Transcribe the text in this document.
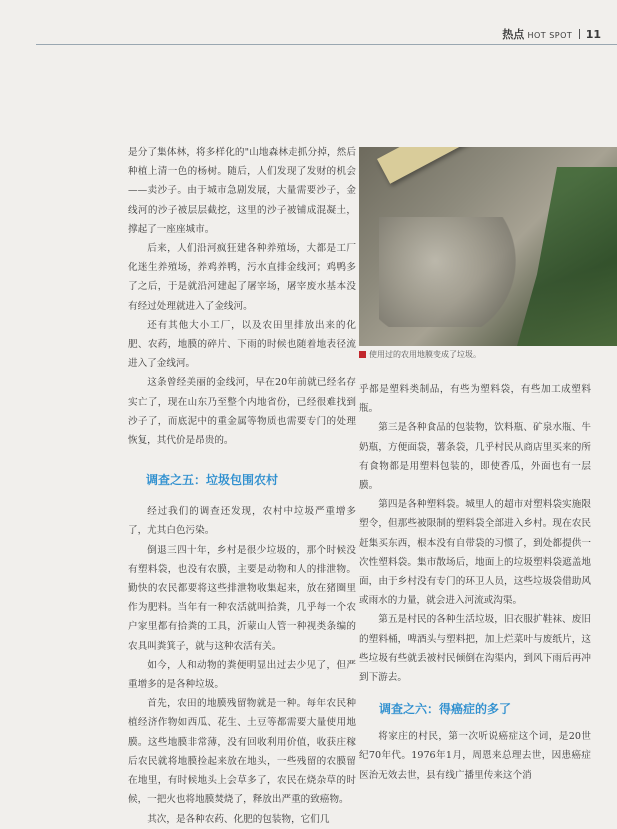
热点 HOT SPOT 11

是分了集体林，将多样化的"山地森林走抓分掉，然后种植上清一色的杨树。随后，人们发现了发财的机会——卖沙子。由于城市急剧发展，大量需要沙子，金线河的沙子被层层截挖，这里的沙子被铺成混凝土，撑起了一座座城市。

后来，人们沿河疯狂建各种养殖场，大都是工厂化迷生养殖场，养鸡养鸭，污水直排金线河；鸡鸭多了之后，于是就沿河建起了屠宰场，屠宰废水基本没有经过处理就进入了金线河。

还有其他大小工厂，以及农田里排放出来的化肥、农药，地膜的碎片、下雨的时候也随着地表径流进入了金线河。

这条曾经美丽的金线河，早在20年前就已经名存实亡了，现在山东乃至整个内地省份，已经很难找到沙子了，而底泥中的重金属等物质也需要专门的处理恢复，其代价是昂贵的。

调查之五：垃圾包围农村

经过我们的调查还发现，农村中垃圾严重增多了，尤其白色污染。

倒退三四十年，乡村是很少垃圾的，那个时候没有塑料袋，也没有农膜，主要是动物和人的排泄物。勤快的农民都要将这些排泄物收集起来，放在猪圈里作为肥料。当年有一种农活就叫拾粪，几乎每一个农户家里都有拾粪的工具，沂蒙山人管一种视类条编的农具叫粪箕子，就与这种农活有关。

如今，人和动物的粪便明显出过去少见了，但严重增多的是各种垃圾。

首先，农田的地膜残留物就是一种。每年农民种植经济作物如西瓜、花生、土豆等都需要大量使用地膜。这些地膜非常薄，没有回收利用价值，收获庄稼后农民就将地膜捡起来放在地头，一些残留的农膜留在地里，有时候地头上会草多了，农民在烧杂草的时候，一把火也将地膜焚烧了，释放出严重的致癌物。

其次，是各种农药、化肥的包装物，它们几

使用过的农用地膜变成了垃圾。

乎都是塑料类制品，有些为塑料袋，有些加工成塑料瓶。

第三是各种食品的包装物，饮料瓶、矿泉水瓶、牛奶瓶，方便面袋，薯条袋，几乎村民从商店里买来的所有食物都是用塑料包装的，即使香瓜，外面也有一层膜。

第四是各种塑料袋。城里人的超市对塑料袋实施限塑令，但那些被限制的塑料袋全部进入乡村。现在农民赶集买东西，根本没有自带袋的习惯了，到处都提供一次性塑料袋。集市散场后，地面上的垃圾塑料袋遮盖地面，由于乡村没有专门的环卫人员，这些垃圾袋借助风或雨水的力量，就会进入河流或沟渠。

第五是村民的各种生活垃圾，旧衣服扩鞋袜、废旧的塑料桶，啤酒头与塑料把，加上烂菜叶与废纸片，这些垃圾有些就丢被村民倾倒在沟渠内，到风下雨后再冲到下游去。

调查之六：得癌症的多了

将家庄的村民，第一次听说癌症这个词，是20世纪70年代。1976年1月，周恩来总理去世，因患癌症医治无效去世，县有线广播里传来这个消
